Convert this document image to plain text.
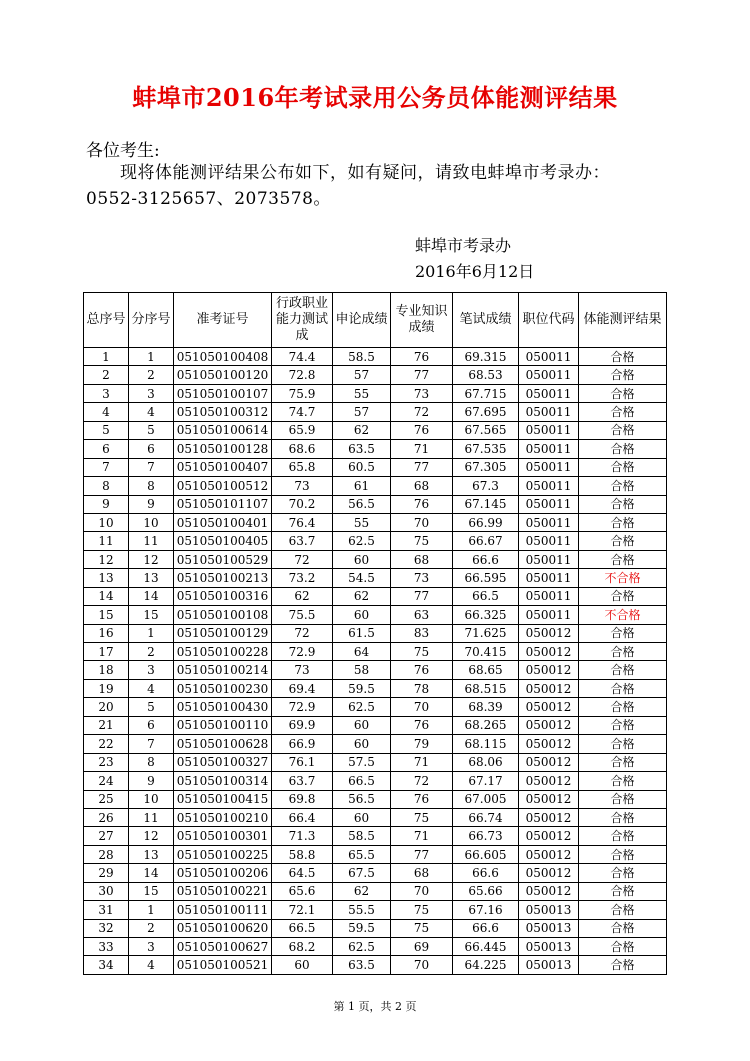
蚌埠市2016年考试录用公务员体能测评结果
各位考生:
现将体能测评结果公布如下，如有疑问，请致电蚌埠市考录办：0552-3125657、2073578。
蚌埠市考录办
2016年6月12日
总序号	分序号	准考证号	行政职业能力测试成	申论成绩	专业知识成绩	笔试成绩	职位代码	体能测评结果
1	1	051050100408	74.4	58.5	76	69.315	050011	合格
2	2	051050100120	72.8	57	77	68.53	050011	合格
3	3	051050100107	75.9	55	73	67.715	050011	合格
4	4	051050100312	74.7	57	72	67.695	050011	合格
5	5	051050100614	65.9	62	76	67.565	050011	合格
6	6	051050100128	68.6	63.5	71	67.535	050011	合格
7	7	051050100407	65.8	60.5	77	67.305	050011	合格
8	8	051050100512	73	61	68	67.3	050011	合格
9	9	051050101107	70.2	56.5	76	67.145	050011	合格
10	10	051050100401	76.4	55	70	66.99	050011	合格
11	11	051050100405	63.7	62.5	75	66.67	050011	合格
12	12	051050100529	72	60	68	66.6	050011	合格
13	13	051050100213	73.2	54.5	73	66.595	050011	不合格
14	14	051050100316	62	62	77	66.5	050011	合格
15	15	051050100108	75.5	60	63	66.325	050011	不合格
16	1	051050100129	72	61.5	83	71.625	050012	合格
17	2	051050100228	72.9	64	75	70.415	050012	合格
18	3	051050100214	73	58	76	68.65	050012	合格
19	4	051050100230	69.4	59.5	78	68.515	050012	合格
20	5	051050100430	72.9	62.5	70	68.39	050012	合格
21	6	051050100110	69.9	60	76	68.265	050012	合格
22	7	051050100628	66.9	60	79	68.115	050012	合格
23	8	051050100327	76.1	57.5	71	68.06	050012	合格
24	9	051050100314	63.7	66.5	72	67.17	050012	合格
25	10	051050100415	69.8	56.5	76	67.005	050012	合格
26	11	051050100210	66.4	60	75	66.74	050012	合格
27	12	051050100301	71.3	58.5	71	66.73	050012	合格
28	13	051050100225	58.8	65.5	77	66.605	050012	合格
29	14	051050100206	64.5	67.5	68	66.6	050012	合格
30	15	051050100221	65.6	62	70	65.66	050012	合格
31	1	051050100111	72.1	55.5	75	67.16	050013	合格
32	2	051050100620	66.5	59.5	75	66.6	050013	合格
33	3	051050100627	68.2	62.5	69	66.445	050013	合格
34	4	051050100521	60	63.5	70	64.225	050013	合格
第 1 页，共 2 页
